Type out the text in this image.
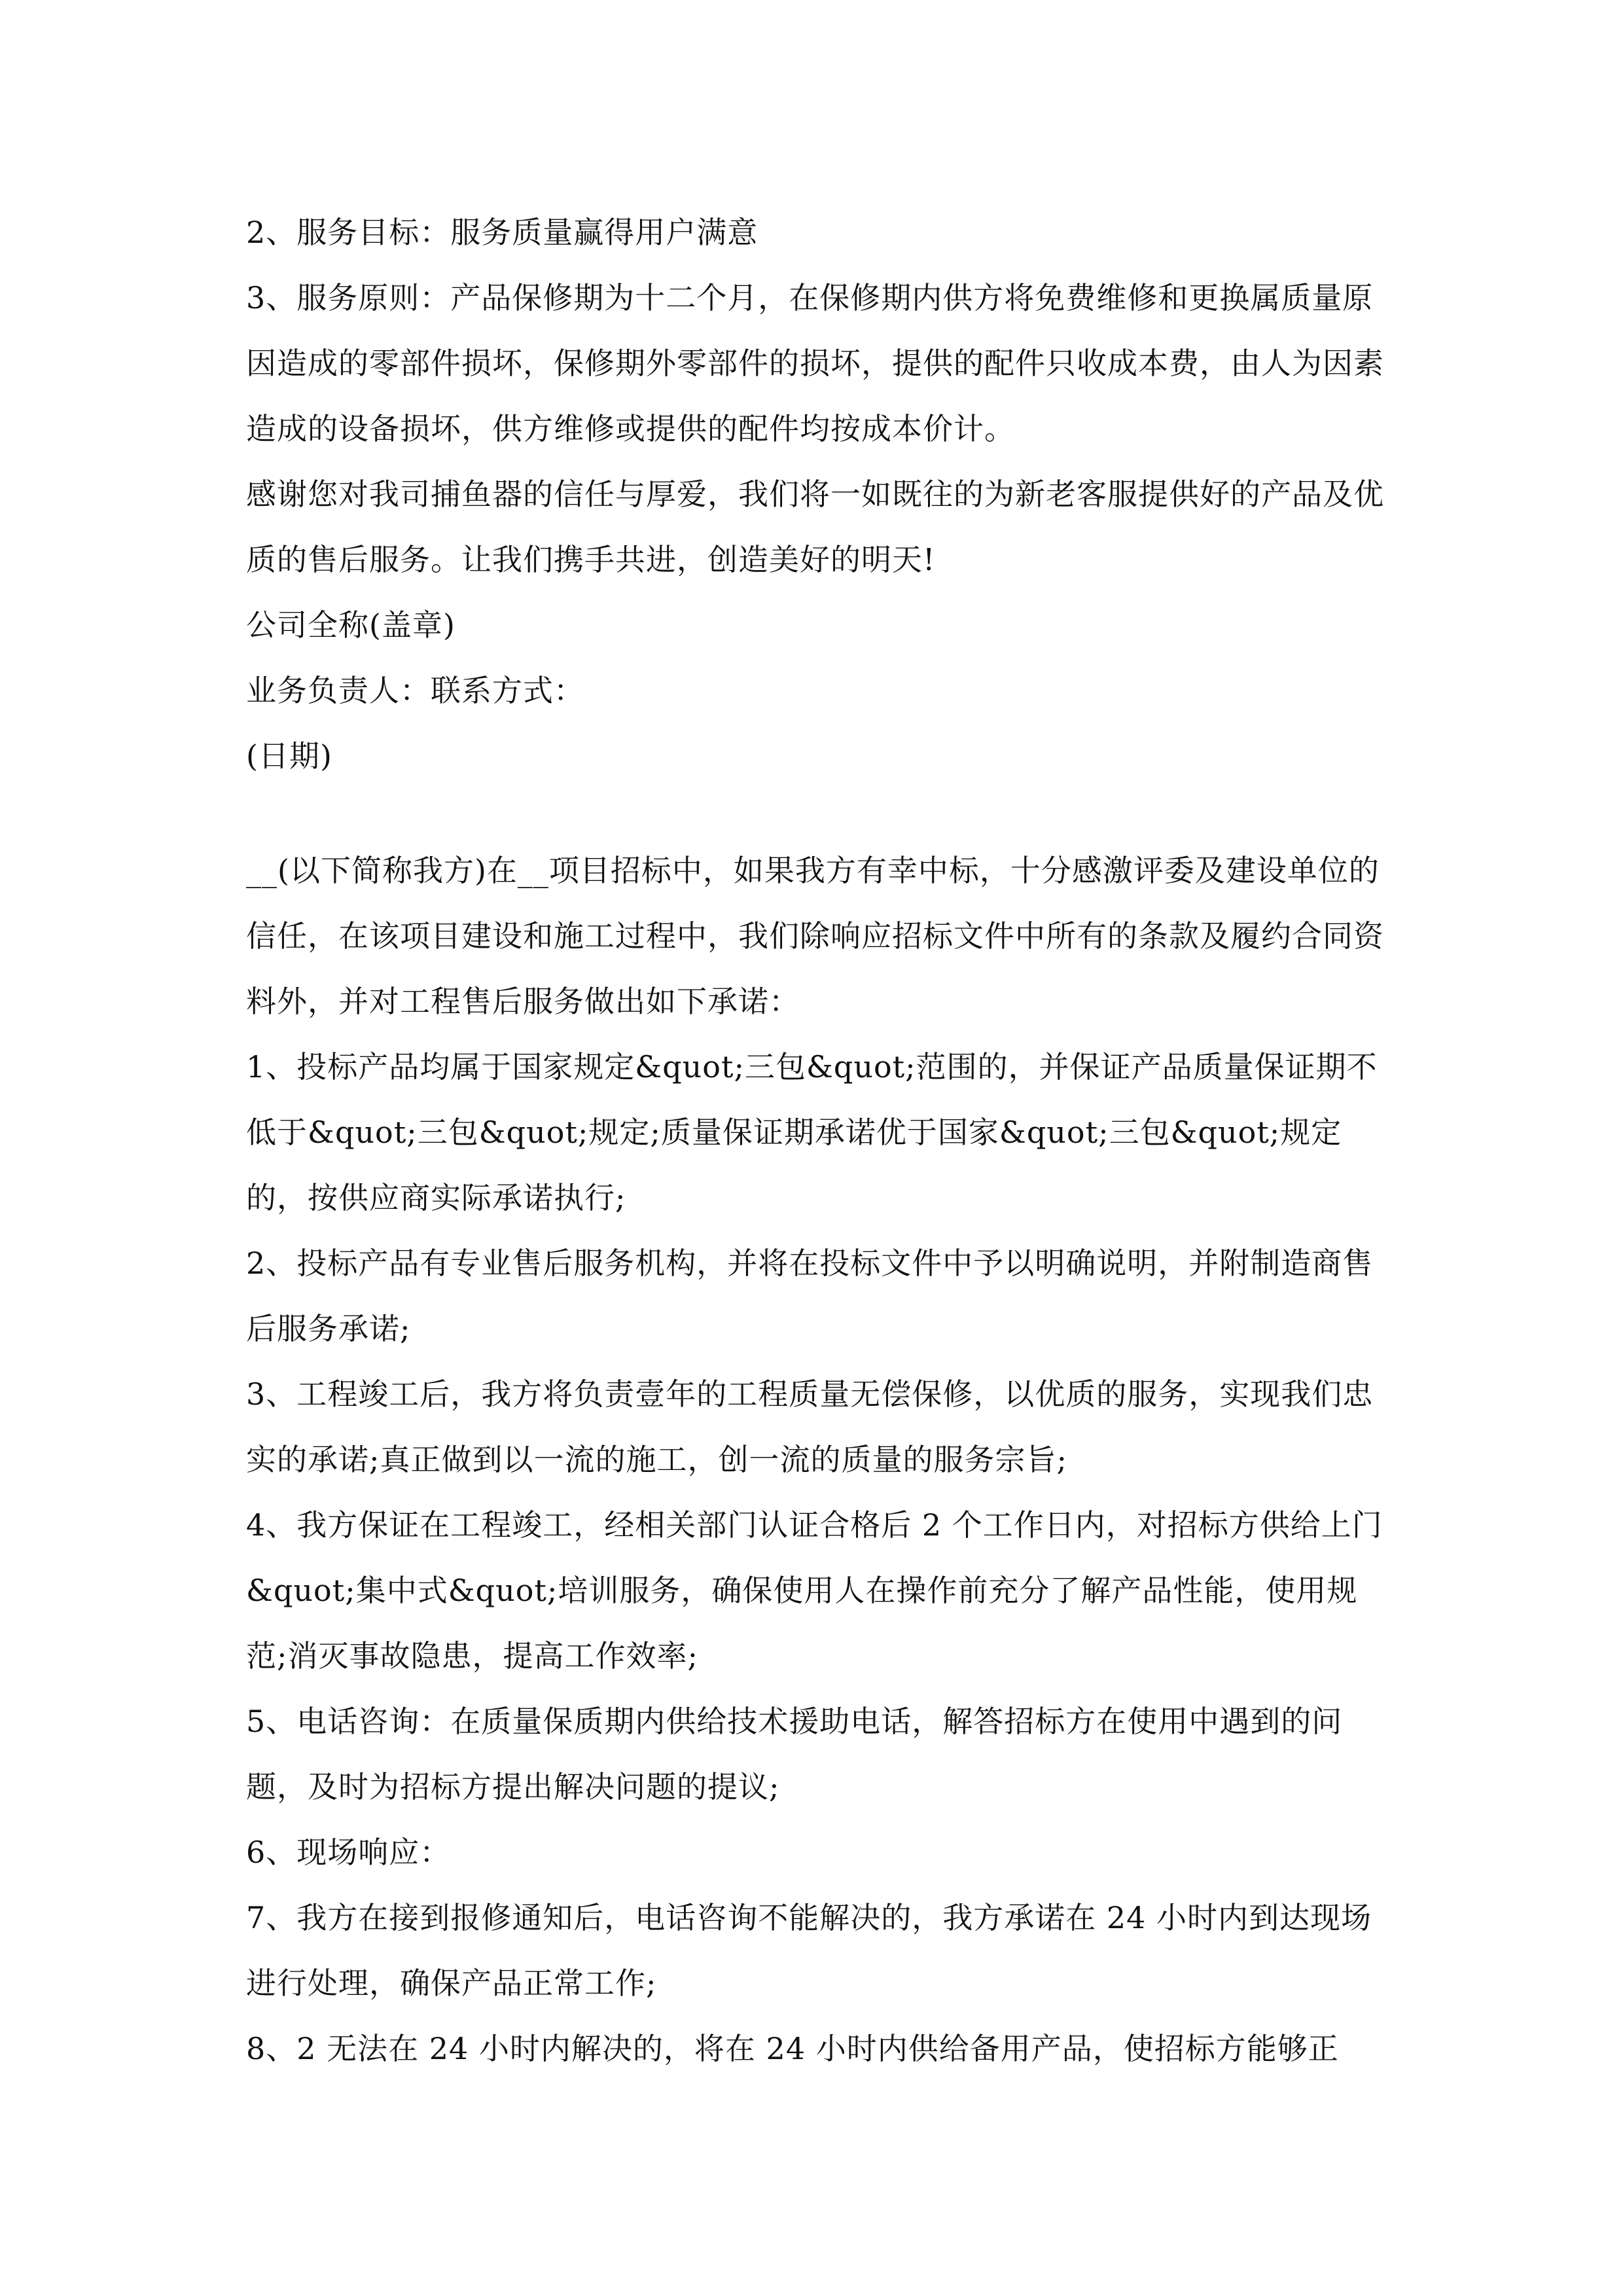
2、服务目标：服务质量赢得用户满意

3、服务原则：产品保修期为十二个月，在保修期内供方将免费维修和更换属质量原因造成的零部件损坏，保修期外零部件的损坏，提供的配件只收成本费，由人为因素造成的设备损坏，供方维修或提供的配件均按成本价计。

感谢您对我司捕鱼器的信任与厚爱，我们将一如既往的为新老客服提供好的产品及优质的售后服务。让我们携手共进，创造美好的明天!

公司全称(盖章)

业务负责人：联系方式：

(日期)

__(以下简称我方)在__项目招标中，如果我方有幸中标，十分感激评委及建设单位的信任，在该项目建设和施工过程中，我们除响应招标文件中所有的条款及履约合同资料外，并对工程售后服务做出如下承诺：

1、投标产品均属于国家规定&quot;三包&quot;范围的，并保证产品质量保证期不低于&quot;三包&quot;规定;质量保证期承诺优于国家&quot;三包&quot;规定的，按供应商实际承诺执行;

2、投标产品有专业售后服务机构，并将在投标文件中予以明确说明，并附制造商售后服务承诺;

3、工程竣工后，我方将负责壹年的工程质量无偿保修，以优质的服务，实现我们忠实的承诺;真正做到以一流的施工，创一流的质量的服务宗旨;

4、我方保证在工程竣工，经相关部门认证合格后 2 个工作日内，对招标方供给上门&quot;集中式&quot;培训服务，确保使用人在操作前充分了解产品性能，使用规范;消灭事故隐患，提高工作效率;

5、电话咨询：在质量保质期内供给技术援助电话，解答招标方在使用中遇到的问题，及时为招标方提出解决问题的提议;

6、现场响应：

7、我方在接到报修通知后，电话咨询不能解决的，我方承诺在 24 小时内到达现场进行处理，确保产品正常工作;

8、2 无法在 24 小时内解决的，将在 24 小时内供给备用产品，使招标方能够正
